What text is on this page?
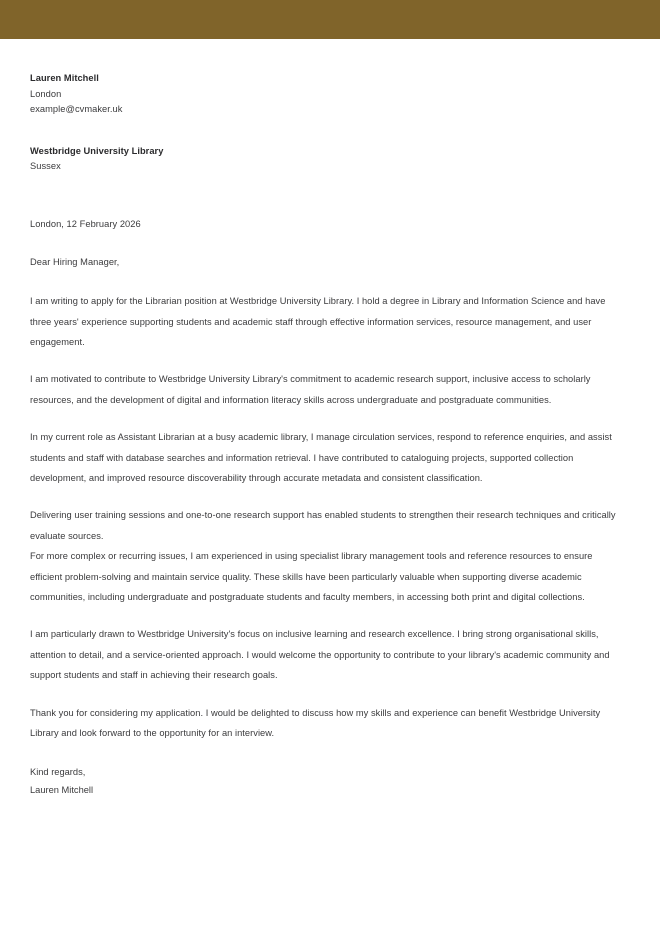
Lauren Mitchell
London
example@cvmaker.uk
Westbridge University Library
Sussex
London, 12 February 2026
Dear Hiring Manager,

I am writing to apply for the Librarian position at Westbridge University Library. I hold a degree in Library and Information Science and have three years' experience supporting students and academic staff through effective information services, resource management, and user engagement.

I am motivated to contribute to Westbridge University Library's commitment to academic research support, inclusive access to scholarly resources, and the development of digital and information literacy skills across undergraduate and postgraduate communities.

In my current role as Assistant Librarian at a busy academic library, I manage circulation services, respond to reference enquiries, and assist students and staff with database searches and information retrieval. I have contributed to cataloguing projects, supported collection development, and improved resource discoverability through accurate metadata and consistent classification.

Delivering user training sessions and one-to-one research support has enabled students to strengthen their research techniques and critically evaluate sources.
For more complex or recurring issues, I am experienced in using specialist library management tools and reference resources to ensure efficient problem-solving and maintain service quality. These skills have been particularly valuable when supporting diverse academic communities, including undergraduate and postgraduate students and faculty members, in accessing both print and digital collections.

I am particularly drawn to Westbridge University's focus on inclusive learning and research excellence. I bring strong organisational skills, attention to detail, and a service-oriented approach. I would welcome the opportunity to contribute to your library's academic community and support students and staff in achieving their research goals.

Thank you for considering my application. I would be delighted to discuss how my skills and experience can benefit Westbridge University Library and look forward to the opportunity for an interview.

Kind regards,
Lauren Mitchell
